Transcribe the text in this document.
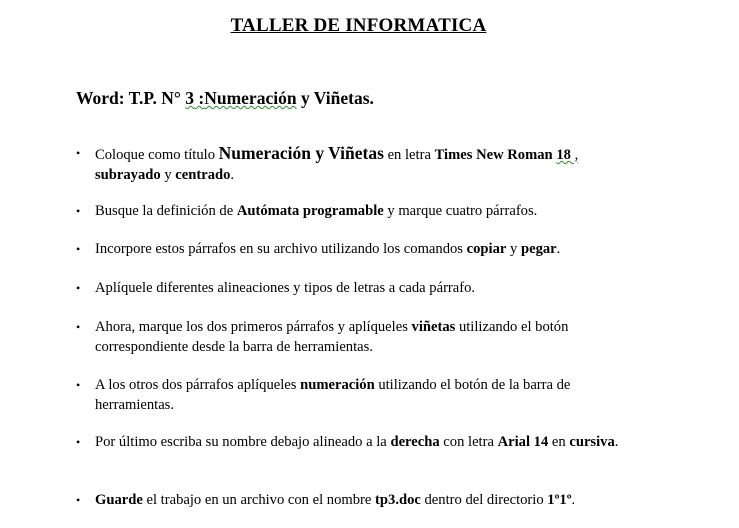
TALLER DE INFORMATICA
Word: T.P. N° 3 :Numeración y Viñetas.
• Coloque como título Numeración y Viñetas en letra Times New Roman 18 , subrayado y centrado.
• Busque la definición de Autómata programable y marque cuatro párrafos.
• Incorpore estos párrafos en su archivo utilizando los comandos copiar y pegar.
• Aplíquele diferentes alineaciones y tipos de letras a cada párrafo.
• Ahora, marque los dos primeros párrafos y aplíqueles viñetas utilizando el botón correspondiente desde la barra de herramientas.
• A los otros dos párrafos aplíqueles numeración utilizando el botón de la barra de herramientas.
• Por último escriba su nombre debajo alineado a la derecha con letra Arial 14 en cursiva.
• Guarde el trabajo en un archivo con el nombre tp3.doc dentro del directorio 1º1º.
